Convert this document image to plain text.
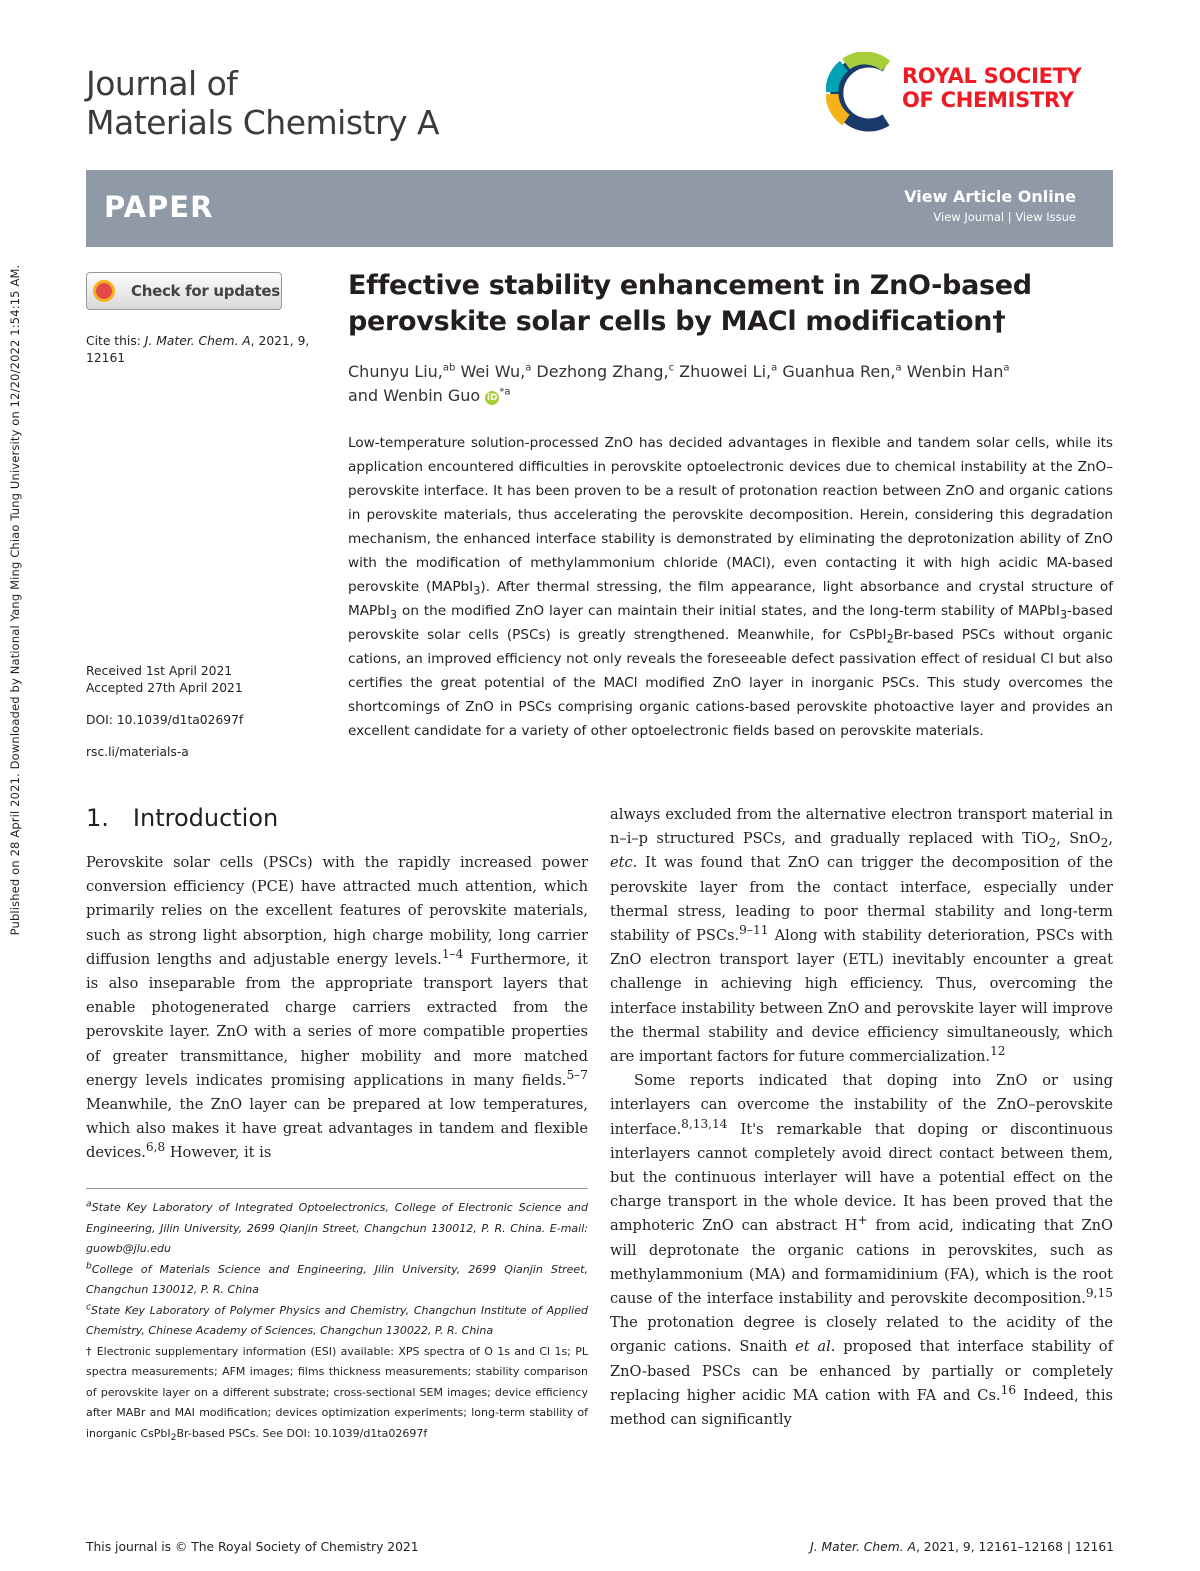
Published on 28 April 2021. Downloaded by National Yang Ming Chiao Tung University on 12/20/2022 1:54:15 AM.
Journal of
Materials Chemistry A
ROYAL SOCIETY
OF CHEMISTRY
PAPER	View Article Online
View Journal | View Issue
Check for updates
Cite this: J. Mater. Chem. A, 2021, 9, 12161
Received 1st April 2021
Accepted 27th April 2021
DOI: 10.1039/d1ta02697f
rsc.li/materials-a
Effective stability enhancement in ZnO-based
perovskite solar cells by MACl modification†
Chunyu Liu,$^{ab}$ Wei Wu,$^a$ Dezhong Zhang,$^c$ Zhuowei Li,$^a$ Guanhua Ren,$^a$ Wenbin Han$^a$
and Wenbin Guo $iD^{*a}$
Low-temperature solution-processed ZnO has decided advantages in flexible and tandem solar cells, while its application encountered difficulties in perovskite optoelectronic devices due to chemical instability at the ZnO–perovskite interface. It has been proven to be a result of protonation reaction between ZnO and organic cations in perovskite materials, thus accelerating the perovskite decomposition. Herein, considering this degradation mechanism, the enhanced interface stability is demonstrated by eliminating the deprotonization ability of ZnO with the modification of methylammonium chloride (MACl), even contacting it with high acidic MA-based perovskite (MAPbI$_3$). After thermal stressing, the film appearance, light absorbance and crystal structure of MAPbI$_3$ on the modified ZnO layer can maintain their initial states, and the long-term stability of MAPbI$_3$-based perovskite solar cells (PSCs) is greatly strengthened. Meanwhile, for CsPbI$_2$Br-based PSCs without organic cations, an improved efficiency not only reveals the foreseeable defect passivation effect of residual Cl but also certifies the great potential of the MACl modified ZnO layer in inorganic PSCs. This study overcomes the shortcomings of ZnO in PSCs comprising organic cations-based perovskite photoactive layer and provides an excellent candidate for a variety of other optoelectronic fields based on perovskite materials.
1. Introduction
Perovskite solar cells (PSCs) with the rapidly increased power conversion efficiency (PCE) have attracted much attention, which primarily relies on the excellent features of perovskite materials, such as strong light absorption, high charge mobility, long carrier diffusion lengths and adjustable energy levels.$^{1-4}$ Furthermore, it is also inseparable from the appropriate transport layers that enable photogenerated charge carriers extracted from the perovskite layer. ZnO with a series of more compatible properties of greater transmittance, higher mobility and more matched energy levels indicates promising applications in many fields.$^{5-7}$ Meanwhile, the ZnO layer can be prepared at low temperatures, which also makes it have great advantages in tandem and flexible devices.$^{6,8}$ However, it is

always excluded from the alternative electron transport material in n–i–p structured PSCs, and gradually replaced with TiO$_2$, SnO$_2$, etc. It was found that ZnO can trigger the decomposition of the perovskite layer from the contact interface, especially under thermal stress, leading to poor thermal stability and long-term stability of PSCs.$^{9-11}$ Along with stability deterioration, PSCs with ZnO electron transport layer (ETL) inevitably encounter a great challenge in achieving high efficiency. Thus, overcoming the interface instability between ZnO and perovskite layer will improve the thermal stability and device efficiency simultaneously, which are important factors for future commercialization.$^{12}$

Some reports indicated that doping into ZnO or using interlayers can overcome the instability of the ZnO–perovskite interface.$^{8,13,14}$ It's remarkable that doping or discontinuous interlayers cannot completely avoid direct contact between them, but the continuous interlayer will have a potential effect on the charge transport in the whole device. It has been proved that the amphoteric ZnO can abstract H+ from acid, indicating that ZnO will deprotonate the organic cations in perovskites, such as methylammonium (MA) and formamidinium (FA), which is the root cause of the interface instability and perovskite decomposition.$^{9,15}$ The protonation degree is closely related to the acidity of the organic cations. Snaith et al. proposed that interface stability of ZnO-based PSCs can be enhanced by partially or completely replacing higher acidic MA cation with FA and Cs.$^{16}$ Indeed, this method can significantly

$^a$State Key Laboratory of Integrated Optoelectronics, College of Electronic Science and Engineering, Jilin University, 2699 Qianjin Street, Changchun 130012, P. R. China. E-mail: guowb@jlu.edu

$^b$College of Materials Science and Engineering, Jilin University, 2699 Qianjin Street, Changchun 130012, P. R. China

$^c$State Key Laboratory of Polymer Physics and Chemistry, Changchun Institute of Applied Chemistry, Chinese Academy of Sciences, Changchun 130022, P. R. China

† Electronic supplementary information (ESI) available: XPS spectra of O 1s and Cl 1s; PL spectra measurements; AFM images; films thickness measurements; stability comparison of perovskite layer on a different substrate; cross-sectional SEM images; device efficiency after MABr and MAI modification; devices optimization experiments; long-term stability of inorganic CsPbI$_2$Br-based PSCs. See DOI: 10.1039/d1ta02697f

This journal is © The Royal Society of Chemistry 2021	J. Mater. Chem. A, 2021, 9, 12161–12168 | 12161
